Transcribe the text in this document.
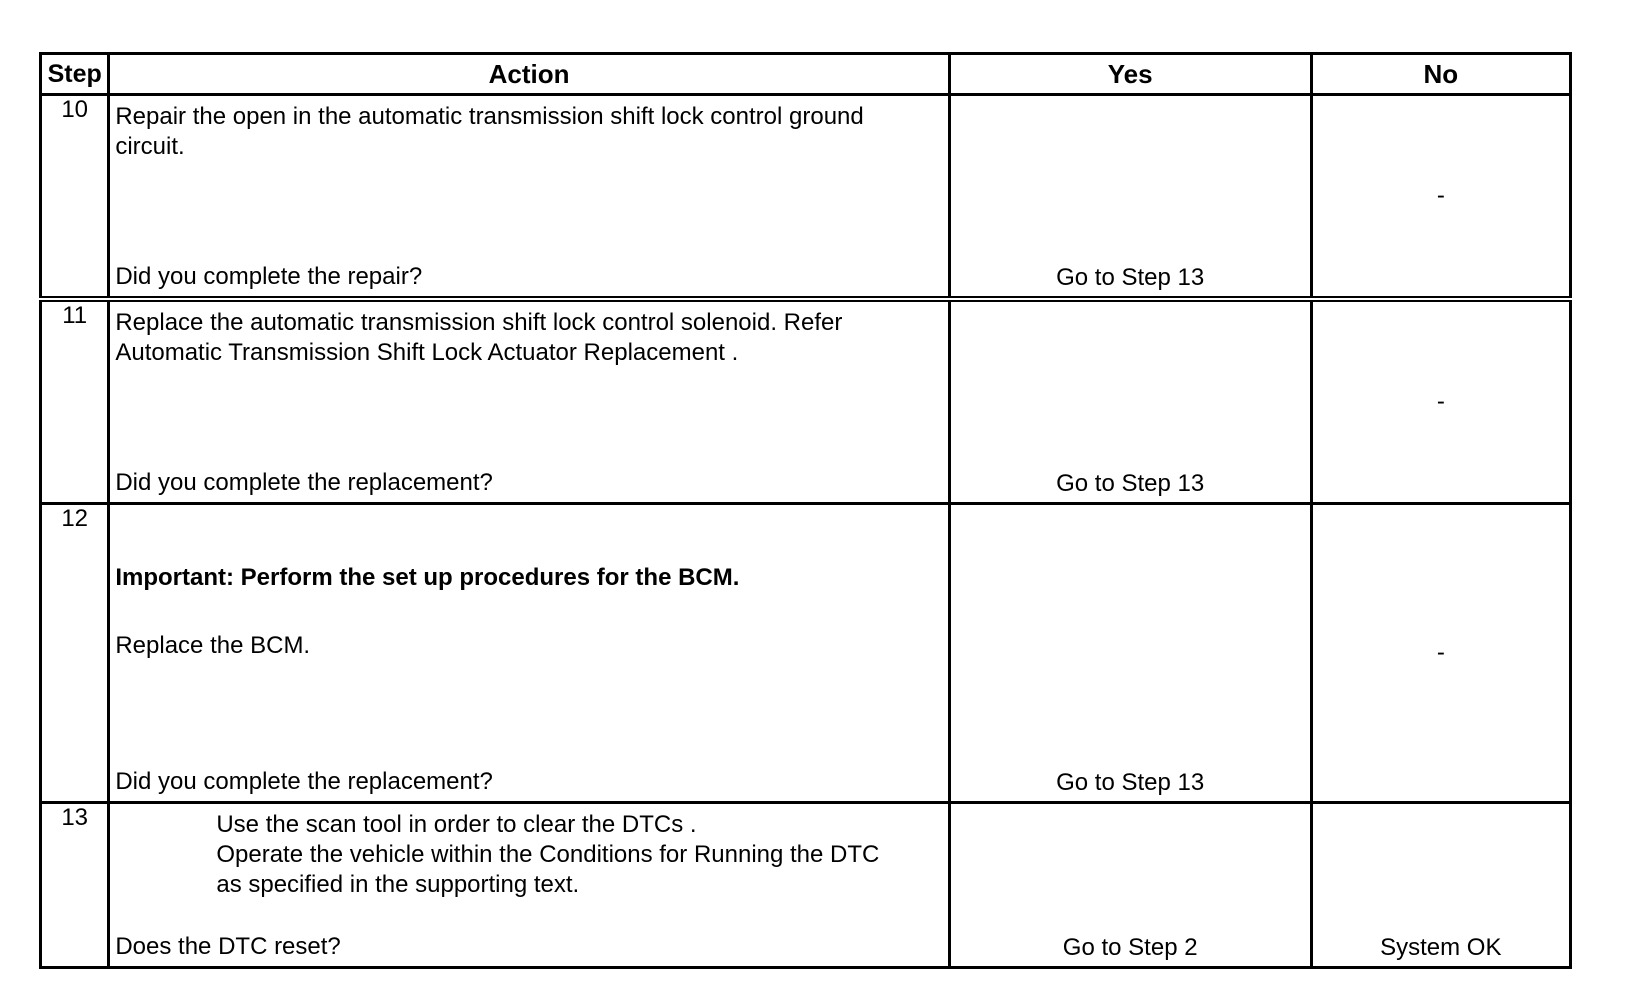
Step	Action	Yes	No
10	Repair the open in the automatic transmission shift lock control ground
circuit.
Did you complete the repair?	Go to Step 13	-

11	Replace the automatic transmission shift lock control solenoid. Refer
Automatic Transmission Shift Lock Actuator Replacement .
Did you complete the replacement?	Go to Step 13	-

12	Important: Perform the set up procedures for the BCM.
Replace the BCM.
Did you complete the replacement?	Go to Step 13	-

13	Use the scan tool in order to clear the DTCs .
Operate the vehicle within the Conditions for Running the DTC
as specified in the supporting text.
Does the DTC reset?	Go to Step 2	System OK
